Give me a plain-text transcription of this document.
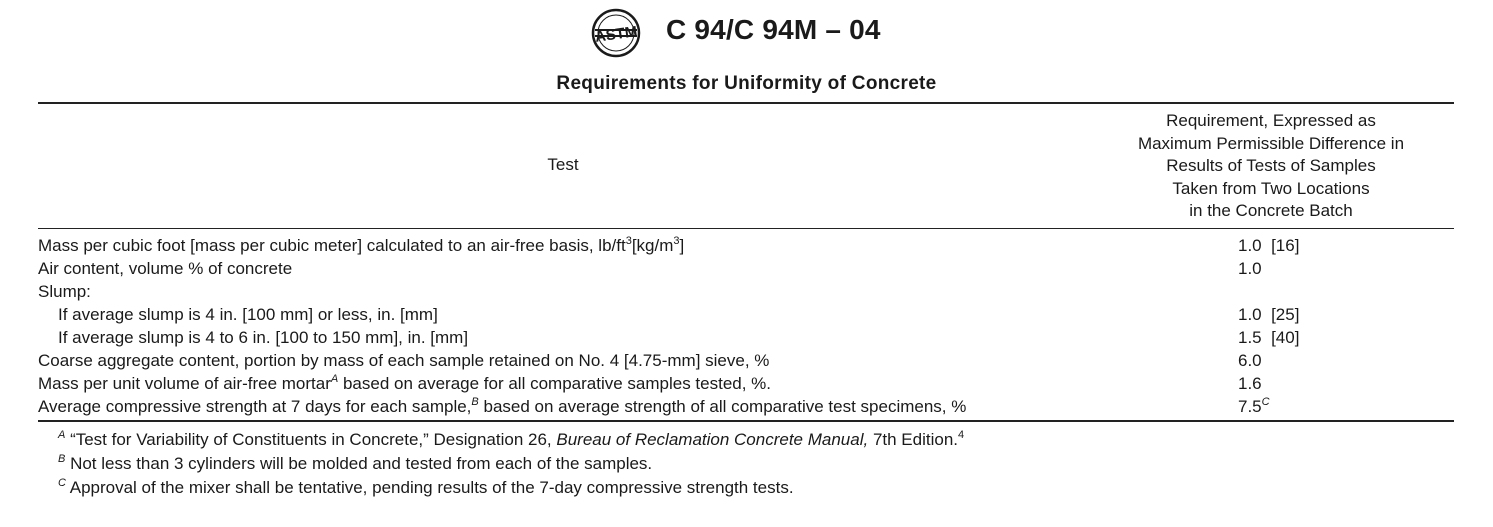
ASTM C 94/C 94M – 04
Requirements for Uniformity of Concrete
Test
Requirement, Expressed as
Maximum Permissible Difference in
Results of Tests of Samples
Taken from Two Locations
in the Concrete Batch
Mass per cubic foot [mass per cubic meter] calculated to an air-free basis, $lb/ft^3[kg/m^3]$	1.0  [16]
Air content, volume % of concrete	1.0
Slump:
If average slump is 4 in. [100 mm] or less, in. [mm]	1.0  [25]
If average slump is 4 to 6 in. [100 to 150 mm], in. [mm]	1.5  [40]
Coarse aggregate content, portion by mass of each sample retained on No. 4 [4.75-mm] sieve, %	6.0
Mass per unit volume of air-free mortar$^A$ based on average for all comparative samples tested, %.	1.6
Average compressive strength at 7 days for each sample,$^B$ based on average strength of all comparative test specimens, %	$7.5^C$
$^A$ “Test for Variability of Constituents in Concrete,” Designation 26, Bureau of Reclamation Concrete Manual, 7th Edition.$^4$
$^B$ Not less than 3 cylinders will be molded and tested from each of the samples.
$^C$ Approval of the mixer shall be tentative, pending results of the 7-day compressive strength tests.
